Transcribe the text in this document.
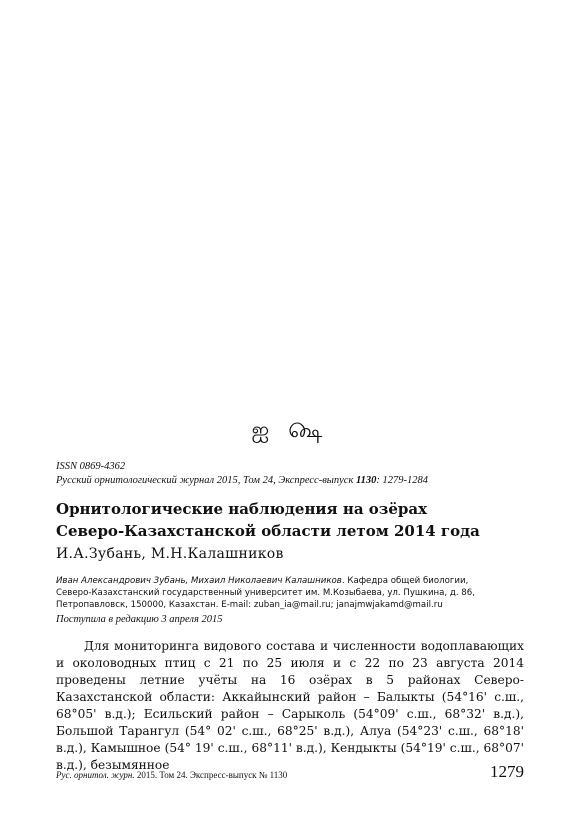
ஐ ௸
ISSN 0869-4362
Русский орнитологический журнал 2015, Том 24, Экспресс-выпуск 1130: 1279-1284
Орнитологические наблюдения на озёрах
Северо-Казахстанской области летом 2014 года
И.А.Зубань, М.Н.Калашников
Иван Александрович Зубань, Михаил Николаевич Калашников. Кафедра общей биологии,
Северо-Казахстанский государственный университет им. М.Козыбаева, ул. Пушкина, д. 86,
Петропавловск, 150000, Казахстан. E-mail: zuban_ia@mail.ru; janajmwjakamd@mail.ru
Поступила в редакцию 3 апреля 2015
Для мониторинга видового состава и численности водоплавающих и околоводных птиц с 21 по 25 июля и с 22 по 23 августа 2014 проведены летние учёты на 16 озёрах в 5 районах Северо-Казахстанской области: Аккайынский район – Балыкты (54°16' с.ш., 68°05' в.д.); Есильский район – Сарыколь (54°09' с.ш., 68°32' в.д.), Большой Тарангул (54° 02' с.ш., 68°25' в.д.), Алуа (54°23' с.ш., 68°18' в.д.), Камышное (54° 19' с.ш., 68°11' в.д.), Кендыкты (54°19' с.ш., 68°07' в.д.), безымянное
Рус. орнитол. журн. 2015. Том 24. Экспресс-выпуск № 1130	1279
